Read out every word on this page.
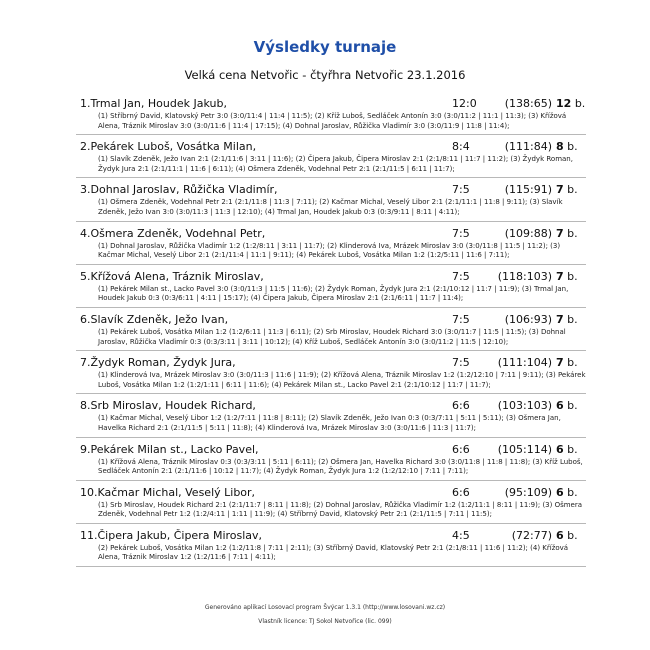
Výsledky turnaje
Velká cena Netvořic - čtyřhra Netvořic 23.1.2016
1.Trmal Jan, Houdek Jakub,	12:0	(138:65) 12 b.
(1) Stříbrný David, Klatovský Petr 3:0 (3:0/11:4 | 11:4 | 11:5); (2) Kříž Luboš, Sedláček Antonín 3:0 (3:0/11:2 | 11:1 | 11:3); (3) Křížová Alena, Tráznik Miroslav 3:0 (3:0/11:6 | 11:4 | 17:15); (4) Dohnal Jaroslav, Růžička Vladimír 3:0 (3:0/11:9 | 11:8 | 11:4);
2.Pekárek Luboš, Vosátka Milan,	8:4	(111:84) 8 b.
(1) Slavík Zdeněk, Ježo Ivan 2:1 (2:1/11:6 | 3:11 | 11:6); (2) Čipera Jakub, Čipera Miroslav 2:1 (2:1/8:11 | 11:7 | 11:2); (3) Žydyk Roman, Žydyk Jura 2:1 (2:1/11:1 | 11:6 | 6:11); (4) Ošmera Zdeněk, Vodehnal Petr 2:1 (2:1/11:5 | 6:11 | 11:7);
3.Dohnal Jaroslav, Růžička Vladimír,	7:5	(115:91) 7 b.
(1) Ošmera Zdeněk, Vodehnal Petr 2:1 (2:1/11:8 | 11:3 | 7:11); (2) Kačmar Michal, Veselý Libor 2:1 (2:1/11:1 | 11:8 | 9:11); (3) Slavík Zdeněk, Ježo Ivan 3:0 (3:0/11:3 | 11:3 | 12:10); (4) Trmal Jan, Houdek Jakub 0:3 (0:3/9:11 | 8:11 | 4:11);
4.Ošmera Zdeněk, Vodehnal Petr,	7:5	(109:88) 7 b.
(1) Dohnal Jaroslav, Růžička Vladimír 1:2 (1:2/8:11 | 3:11 | 11:7); (2) Klinderová Iva, Mrázek Miroslav 3:0 (3:0/11:8 | 11:5 | 11:2); (3) Kačmar Michal, Veselý Libor 2:1 (2:1/11:4 | 11:1 | 9:11); (4) Pekárek Luboš, Vosátka Milan 1:2 (1:2/5:11 | 11:6 | 7:11);
5.Křížová Alena, Tráznik Miroslav,	7:5	(118:103) 7 b.
(1) Pekárek Milan st., Lacko Pavel 3:0 (3:0/11:3 | 11:5 | 11:6); (2) Žydyk Roman, Žydyk Jura 2:1 (2:1/10:12 | 11:7 | 11:9); (3) Trmal Jan, Houdek Jakub 0:3 (0:3/6:11 | 4:11 | 15:17); (4) Čipera Jakub, Čipera Miroslav 2:1 (2:1/6:11 | 11:7 | 11:4);
6.Slavík Zdeněk, Ježo Ivan,	7:5	(106:93) 7 b.
(1) Pekárek Luboš, Vosátka Milan 1:2 (1:2/6:11 | 11:3 | 6:11); (2) Srb Miroslav, Houdek Richard 3:0 (3:0/11:7 | 11:5 | 11:5); (3) Dohnal Jaroslav, Růžička Vladimír 0:3 (0:3/3:11 | 3:11 | 10:12); (4) Kříž Luboš, Sedláček Antonín 3:0 (3:0/11:2 | 11:5 | 12:10);
7.Žydyk Roman, Žydyk Jura,	7:5	(111:104) 7 b.
(1) Klinderová Iva, Mrázek Miroslav 3:0 (3:0/11:3 | 11:6 | 11:9); (2) Křížová Alena, Tráznik Miroslav 1:2 (1:2/12:10 | 7:11 | 9:11); (3) Pekárek Luboš, Vosátka Milan 1:2 (1:2/1:11 | 6:11 | 11:6); (4) Pekárek Milan st., Lacko Pavel 2:1 (2:1/10:12 | 11:7 | 11:7);
8.Srb Miroslav, Houdek Richard,	6:6	(103:103) 6 b.
(1) Kačmar Michal, Veselý Libor 1:2 (1:2/7:11 | 11:8 | 8:11); (2) Slavík Zdeněk, Ježo Ivan 0:3 (0:3/7:11 | 5:11 | 5:11); (3) Ošmera Jan, Havelka Richard 2:1 (2:1/11:5 | 5:11 | 11:8); (4) Klinderová Iva, Mrázek Miroslav 3:0 (3:0/11:6 | 11:3 | 11:7);
9.Pekárek Milan st., Lacko Pavel,	6:6	(105:114) 6 b.
(1) Křížová Alena, Tráznik Miroslav 0:3 (0:3/3:11 | 5:11 | 6:11); (2) Ošmera Jan, Havelka Richard 3:0 (3:0/11:8 | 11:8 | 11:8); (3) Kříž Luboš, Sedláček Antonín 2:1 (2:1/11:6 | 10:12 | 11:7); (4) Žydyk Roman, Žydyk Jura 1:2 (1:2/12:10 | 7:11 | 7:11);
10.Kačmar Michal, Veselý Libor,	6:6	(95:109) 6 b.
(1) Srb Miroslav, Houdek Richard 2:1 (2:1/11:7 | 8:11 | 11:8); (2) Dohnal Jaroslav, Růžička Vladimír 1:2 (1:2/11:1 | 8:11 | 11:9); (3) Ošmera Zdeněk, Vodehnal Petr 1:2 (1:2/4:11 | 1:11 | 11:9); (4) Stříbrný David, Klatovský Petr 2:1 (2:1/11:5 | 7:11 | 11:5);
11.Čipera Jakub, Čipera Miroslav,	4:5	(72:77) 6 b.
(2) Pekárek Luboš, Vosátka Milan 1:2 (1:2/11:8 | 7:11 | 2:11); (3) Stříbrný David, Klatovský Petr 2:1 (2:1/8:11 | 11:6 | 11:2); (4) Křížová Alena, Tráznik Miroslav 1:2 (1:2/11:6 | 7:11 | 4:11);
Generováno aplikací Losovací program Švýcar 1.3.1 (http://www.losovani.wz.cz)
Vlastník licence: TJ Sokol Netvořice (lic. 099)
